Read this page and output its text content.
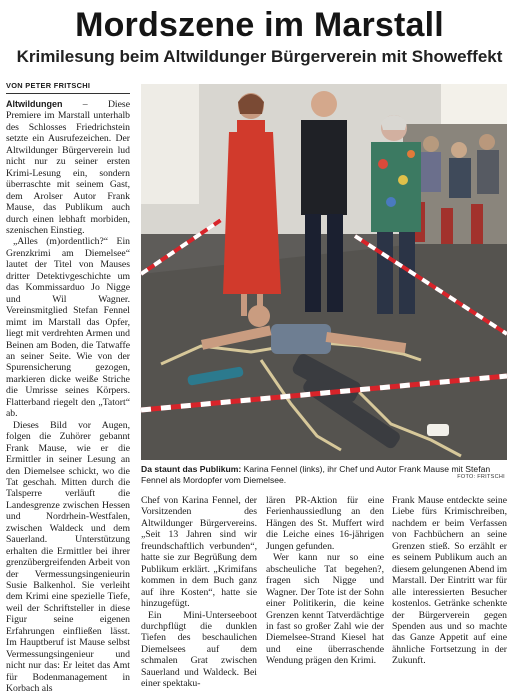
Mordszene im Marstall
Krimilesung beim Altwildunger Bürgerverein mit Showeffekt
VON PETER FRITSCHI

Altwildungen – Diese Premiere im Marstall unterhalb des Schlosses Friedrichstein setzte ein Ausrufezeichen. Der Altwildunger Bürgerverein lud nicht nur zu seiner ersten Krimi-Lesung ein, sondern überraschte mit seinem Gast, dem Arolser Autor Frank Mause, das Publikum auch durch einen lebhaft morbiden, szenischen Einstieg.

„Alles (m)ordentlich?“ Ein Grenzkrimi am Diemelsee“ lautet der Titel von Mauses dritter Detektivgeschichte um das Kommissarduo Jo Nigge und Wil Wagner. Vereinsmitglied Stefan Fennel mimt im Marstall das Opfer, liegt mit verdrehten Armen und Beinen am Boden, die Tatwaffe an seiner Seite. Wie von der Spurensicherung gezogen, markieren dicke weiße Striche die Umrisse seines Körpers. Flatterband riegelt den „Tatort“ ab.

Dieses Bild vor Augen, folgen die Zuhörer gebannt Frank Mause, wie er die Ermittler in seiner Lesung an den Diemelsee schickt, wo die Tat geschah. Mitten durch die Talsperre verläuft die Landesgrenze zwischen Hessen und Nordrhein-Westfalen, zwischen Waldeck und dem Sauerland. Unterstützung erhalten die Ermittler bei ihrer grenzübergreifenden Arbeit von der Vermessungsingenieurin Susie Balkenhol. Sie verleiht dem Krimi eine spezielle Tiefe, weil der Schriftsteller in diese Figur seine eigenen Erfahrungen einfließen lässt. Im Hauptberuf ist Mause selbst Vermessungsingenieur und nicht nur das: Er leitet das Amt für Bodenmanagement in Korbach als

FOTO: FRITSCHI
Da staunt das Publikum: Karina Fennel (links), ihr Chef und Autor Frank Mause mit Stefan Fennel als Mordopfer vom Diemelsee.

Chef von Karina Fennel, der Vorsitzenden des Altwildunger Bürgervereins. „Seit 13 Jahren sind wir freundschaftlich verbunden“, hatte sie zur Begrüßung dem Publikum erklärt. „Krimifans kommen in dem Buch ganz auf ihre Kosten“, hatte sie hinzugefügt.

Ein Mini-Unterseeboot durchpflügt die dunklen Tiefen des beschaulichen Diemelsees auf dem schmalen Grat zwischen Sauerland und Waldeck. Bei einer spektaku-

lären PR-Aktion für eine Ferienhaussiedlung an den Hängen des St. Muffert wird die Leiche eines 16-jährigen Jungen gefunden.

Wer kann nur so eine abscheuliche Tat begehen?, fragen sich Nigge und Wagner. Der Tote ist der Sohn einer Politikerin, die keine Grenzen kennt Tatverdächtige in fast so großer Zahl wie der Diemelsee-Strand Kiesel hat und eine überraschende Wendung prägen den Krimi.

Frank Mause entdeckte seine Liebe fürs Krimischreiben, nachdem er beim Verfassen von Fachbüchern an seine Grenzen stieß. So erzählt er es seinem Publikum auch an diesem gelungenen Abend im Marstall. Der Eintritt war für alle interessierten Besucher kostenlos. Getränke schenkte der Bürgerverein gegen Spenden aus und so machte das Ganze Appetit auf eine ähnliche Fortsetzung in der Zukunft.
